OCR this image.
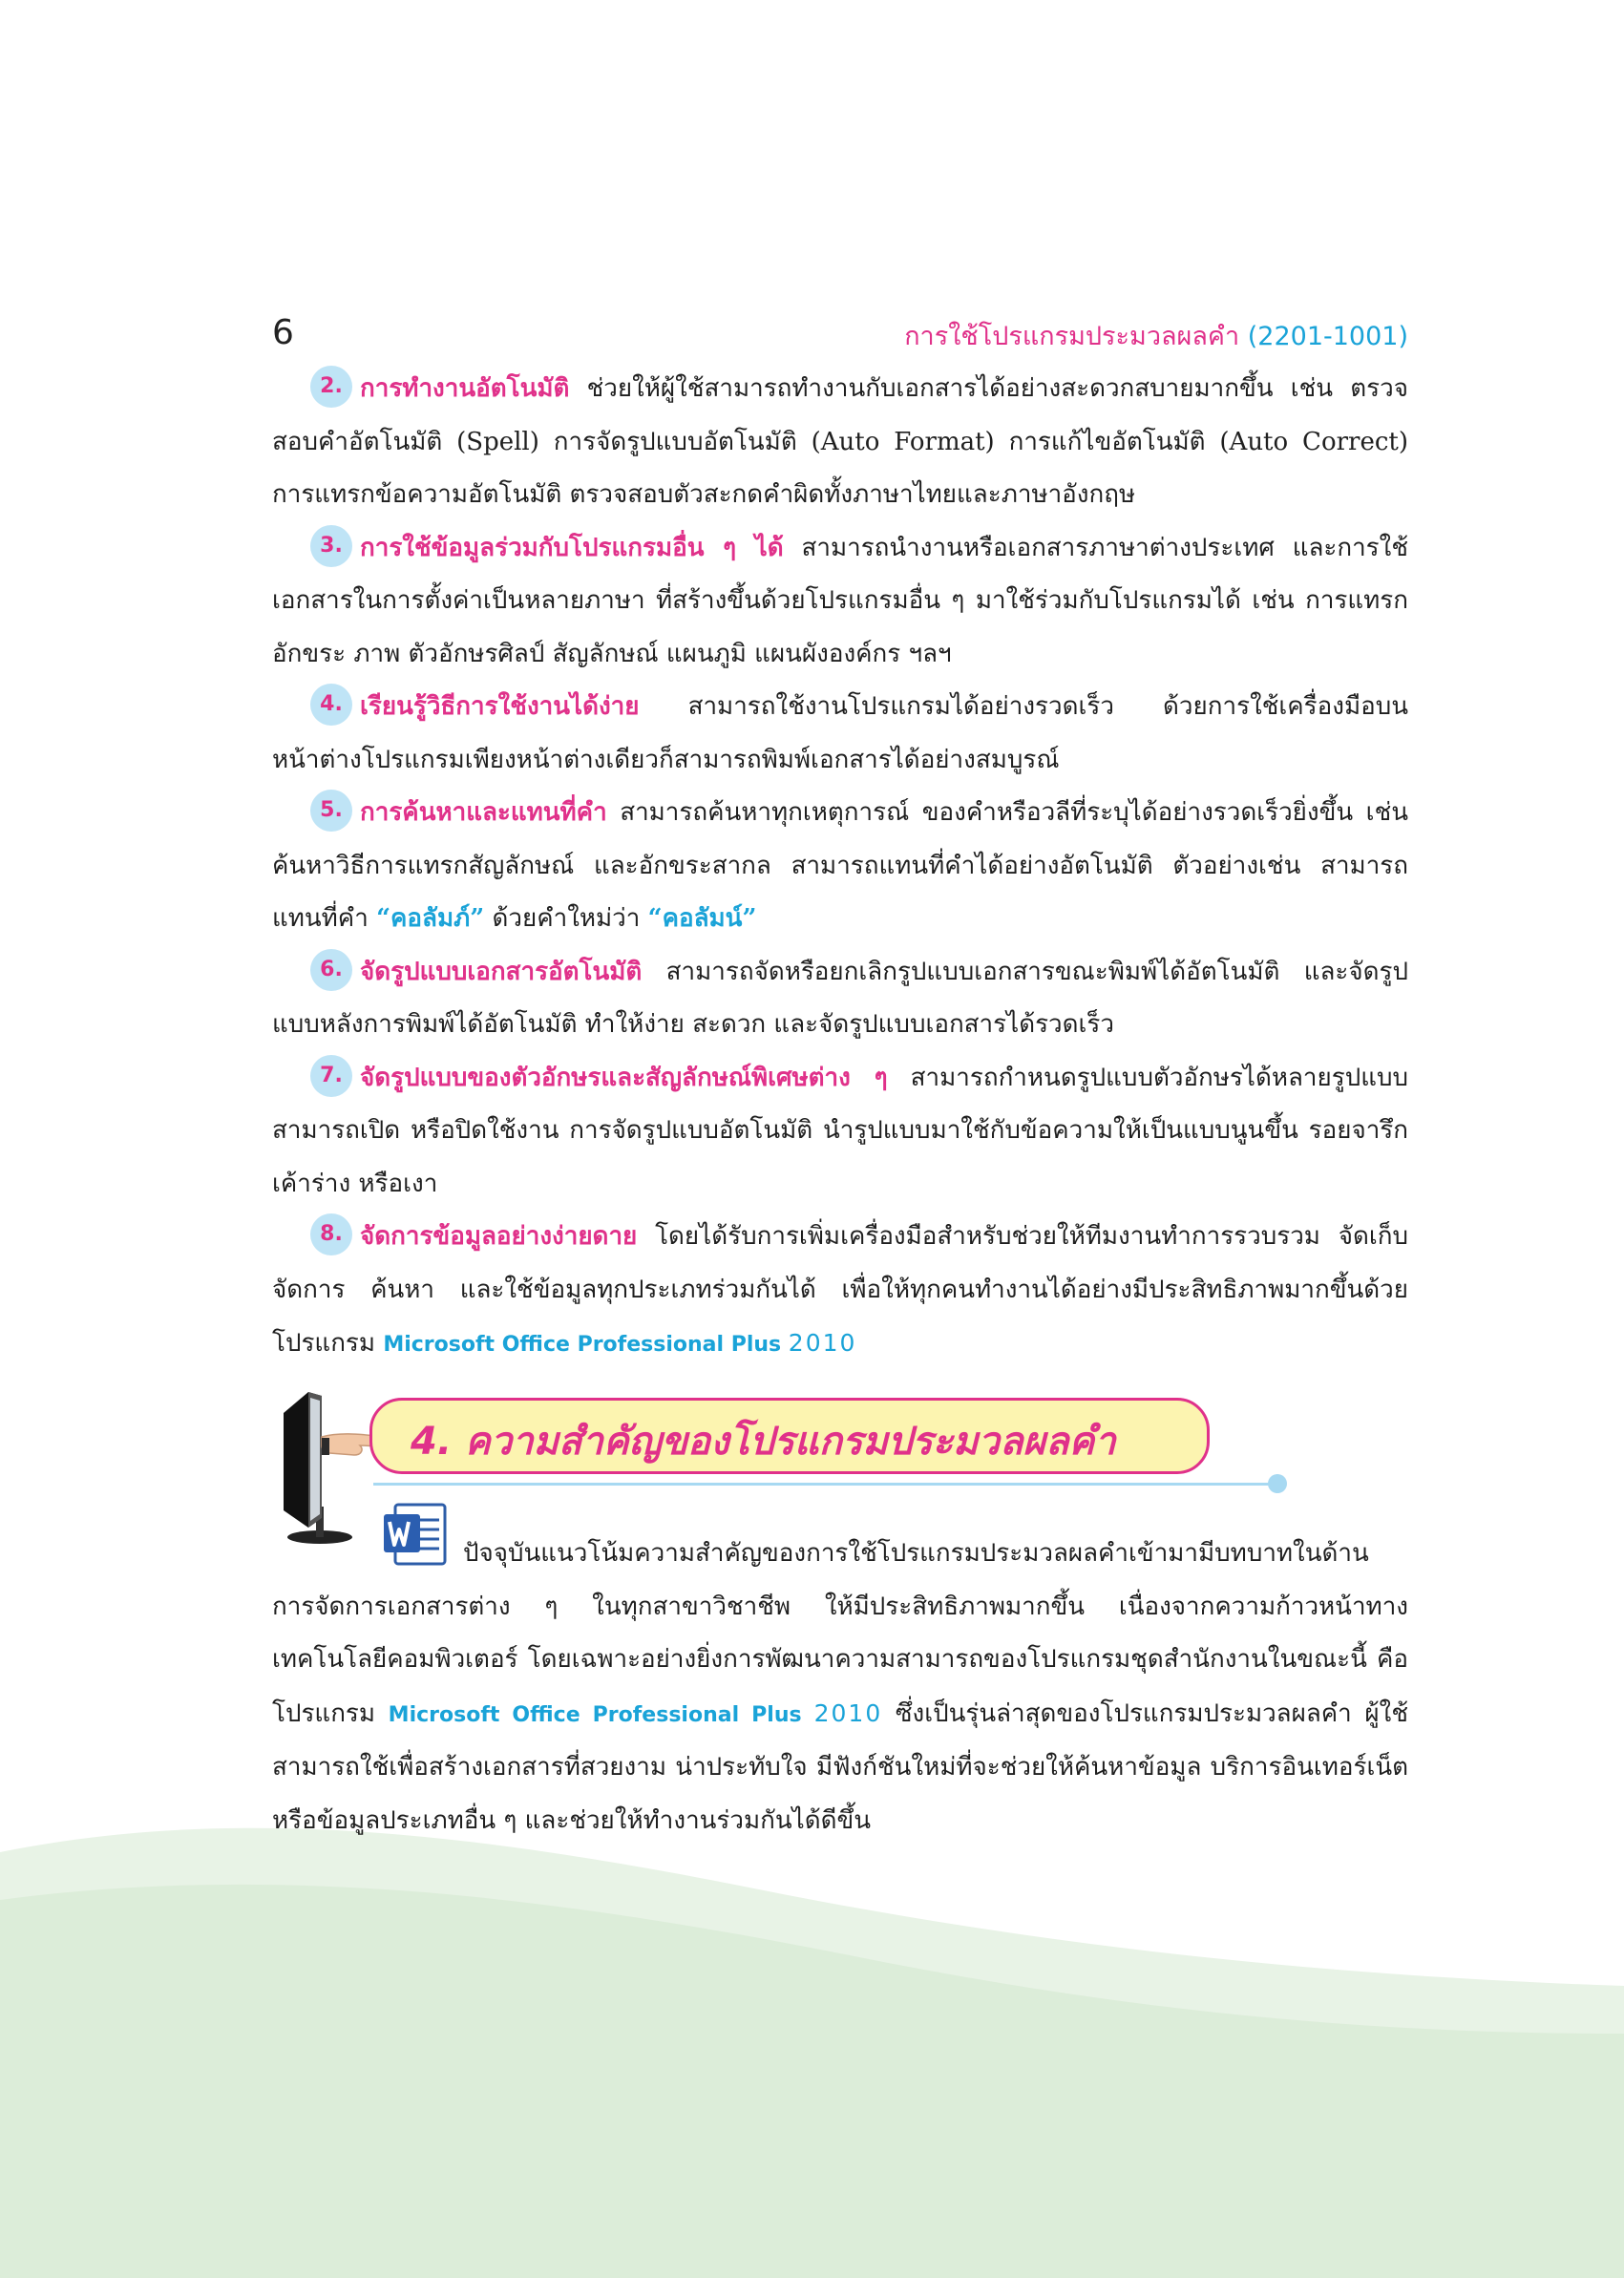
6	การใช้โปรแกรมประมวลผลคำ (2201-1001)

2. การทำงานอัตโนมัติ ช่วยให้ผู้ใช้สามารถทำงานกับเอกสารได้อย่างสะดวกสบายมากขึ้น เช่น ตรวจสอบคำอัตโนมัติ (Spell) การจัดรูปแบบอัตโนมัติ (Auto Format) การแก้ไขอัตโนมัติ (Auto Correct) การแทรกข้อความอัตโนมัติ ตรวจสอบตัวสะกดคำผิดทั้งภาษาไทยและภาษาอังกฤษ

3. การใช้ข้อมูลร่วมกับโปรแกรมอื่น ๆ ได้ สามารถนำงานหรือเอกสารภาษาต่างประเทศ และการใช้เอกสารในการตั้งค่าเป็นหลายภาษา ที่สร้างขึ้นด้วยโปรแกรมอื่น ๆ มาใช้ร่วมกับโปรแกรมได้ เช่น การแทรกอักขระ ภาพ ตัวอักษรศิลป์ สัญลักษณ์ แผนภูมิ แผนผังองค์กร ฯลฯ

4. เรียนรู้วิธีการใช้งานได้ง่าย สามารถใช้งานโปรแกรมได้อย่างรวดเร็ว ด้วยการใช้เครื่องมือบนหน้าต่างโปรแกรมเพียงหน้าต่างเดียวก็สามารถพิมพ์เอกสารได้อย่างสมบูรณ์

5. การค้นหาและแทนที่คำ สามารถค้นหาทุกเหตุการณ์ ของคำหรือวลีที่ระบุได้อย่างรวดเร็วยิ่งขึ้น เช่น ค้นหาวิธีการแทรกสัญลักษณ์ และอักขระสากล สามารถแทนที่คำได้อย่างอัตโนมัติ ตัวอย่างเช่น สามารถแทนที่คำ “คอลัมภ์” ด้วยคำใหม่ว่า “คอลัมน์”

6. จัดรูปแบบเอกสารอัตโนมัติ สามารถจัดหรือยกเลิกรูปแบบเอกสารขณะพิมพ์ได้อัตโนมัติ และจัดรูปแบบหลังการพิมพ์ได้อัตโนมัติ ทำให้ง่าย สะดวก และจัดรูปแบบเอกสารได้รวดเร็ว

7. จัดรูปแบบของตัวอักษรและสัญลักษณ์พิเศษต่าง ๆ สามารถกำหนดรูปแบบตัวอักษรได้หลายรูปแบบ สามารถเปิด หรือปิดใช้งาน การจัดรูปแบบอัตโนมัติ นำรูปแบบมาใช้กับข้อความให้เป็นแบบนูนขึ้น รอยจารึก เค้าร่าง หรือเงา

8. จัดการข้อมูลอย่างง่ายดาย โดยได้รับการเพิ่มเครื่องมือสำหรับช่วยให้ทีมงานทำการรวบรวม จัดเก็บ จัดการ ค้นหา และใช้ข้อมูลทุกประเภทร่วมกันได้ เพื่อให้ทุกคนทำงานได้อย่างมีประสิทธิภาพมากขึ้นด้วยโปรแกรม Microsoft Office Professional Plus 2010

4. ความสำคัญของโปรแกรมประมวลผลคำ

ปัจจุบันแนวโน้มความสำคัญของการใช้โปรแกรมประมวลผลคำเข้ามามีบทบาทในด้านการจัดการเอกสารต่าง ๆ ในทุกสาขาวิชาชีพ ให้มีประสิทธิภาพมากขึ้น เนื่องจากความก้าวหน้าทางเทคโนโลยีคอมพิวเตอร์ โดยเฉพาะอย่างยิ่งการพัฒนาความสามารถของโปรแกรมชุดสำนักงานในขณะนี้ คือ โปรแกรม Microsoft Office Professional Plus 2010 ซึ่งเป็นรุ่นล่าสุดของโปรแกรมประมวลผลคำ ผู้ใช้สามารถใช้เพื่อสร้างเอกสารที่สวยงาม น่าประทับใจ มีฟังก์ชันใหม่ที่จะช่วยให้ค้นหาข้อมูล บริการอินเทอร์เน็ตหรือข้อมูลประเภทอื่น ๆ และช่วยให้ทำงานร่วมกันได้ดีขึ้น
